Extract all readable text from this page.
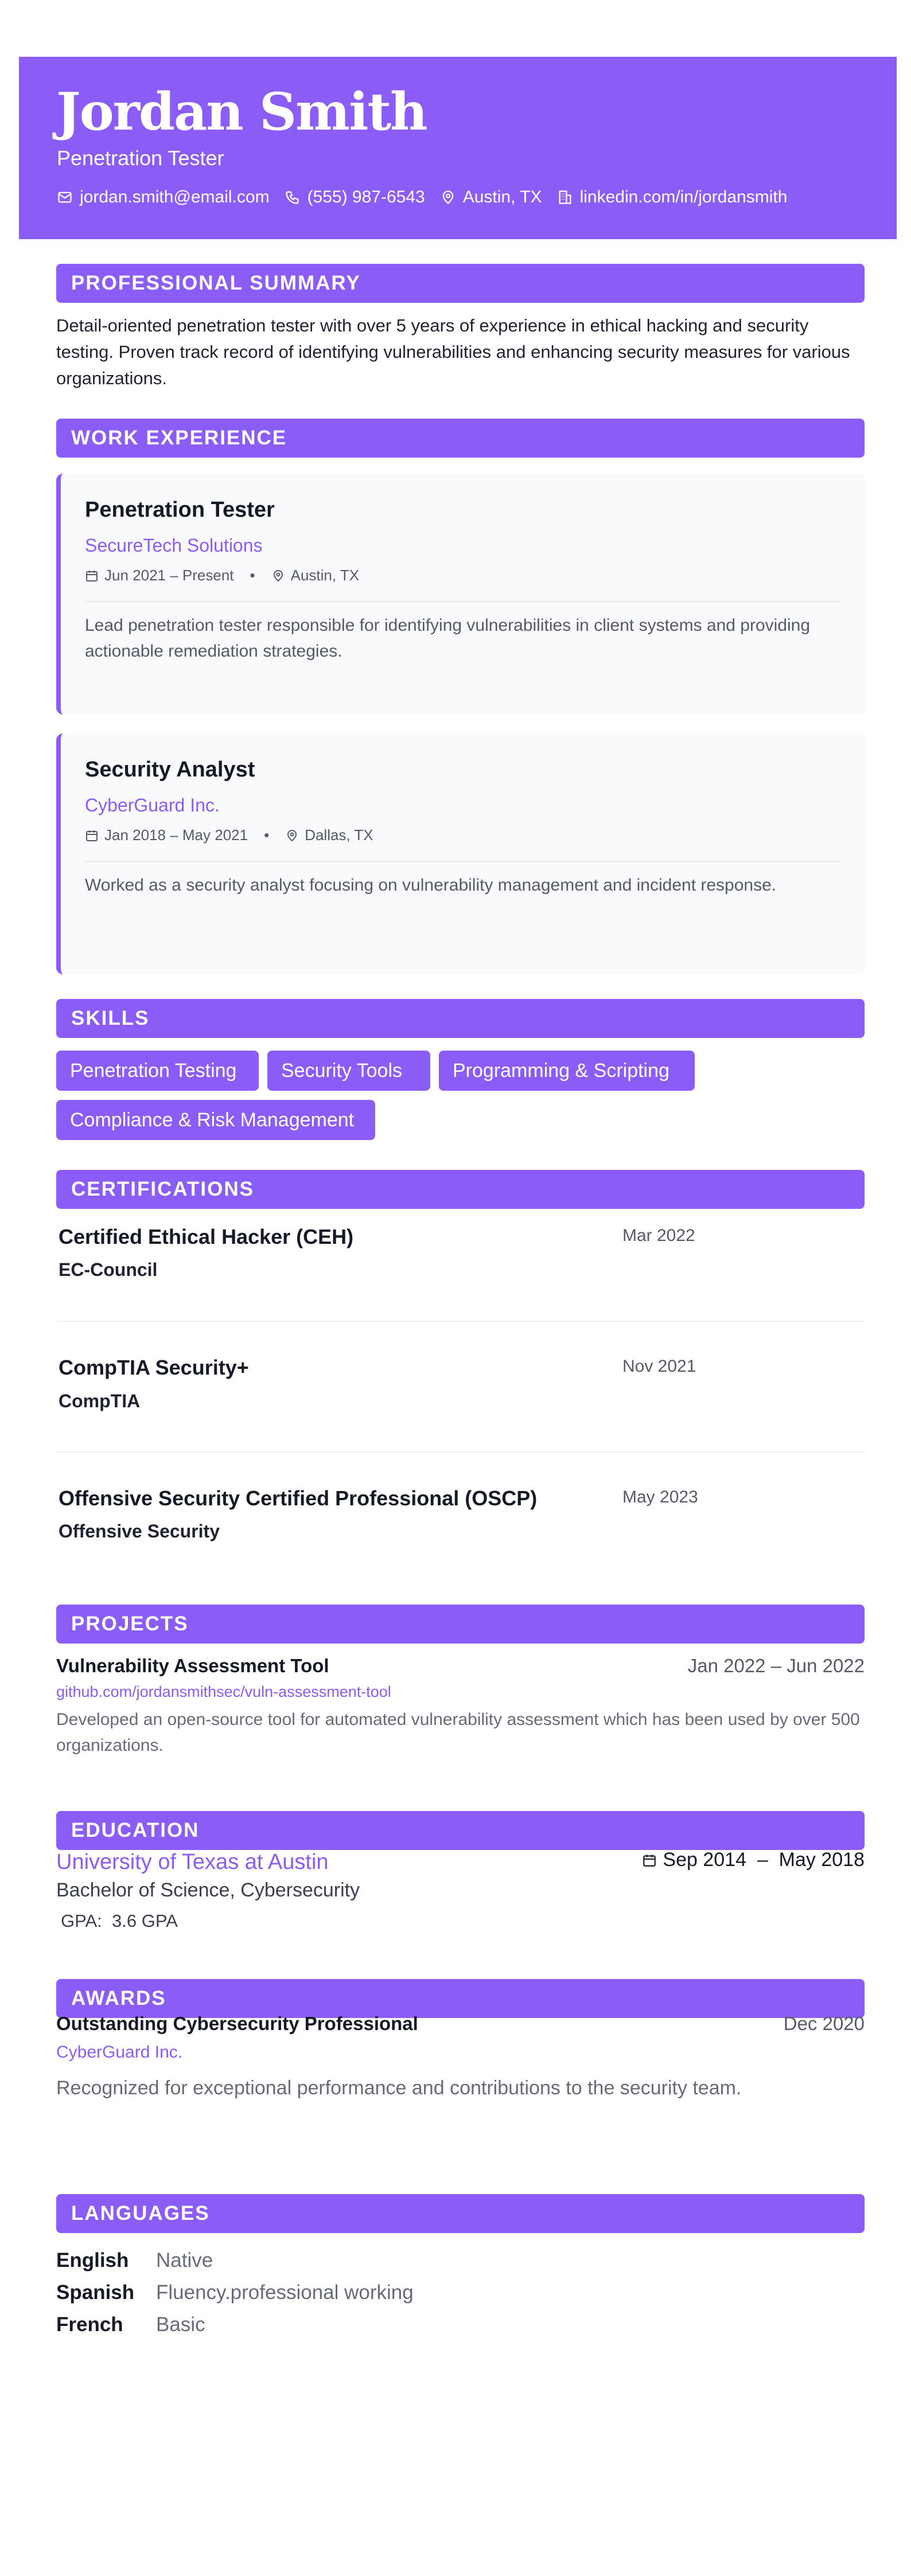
Jordan Smith
Penetration Tester
jordan.smith@email.com (555) 987-6543 Austin, TX linkedin.com/in/jordansmith
PROFESSIONAL SUMMARY
Detail-oriented penetration tester with over 5 years of experience in ethical hacking and security testing. Proven track record of identifying vulnerabilities and enhancing security measures for various organizations.
WORK EXPERIENCE
Penetration Tester
SecureTech Solutions
Jun 2021 – Present • Austin, TX
Lead penetration tester responsible for identifying vulnerabilities in client systems and providing actionable remediation strategies.
Security Analyst
CyberGuard Inc.
Jan 2018 – May 2021 • Dallas, TX
Worked as a security analyst focusing on vulnerability management and incident response.
SKILLS
Penetration Testing	Security Tools	Programming & Scripting
Compliance & Risk Management
CERTIFICATIONS
Certified Ethical Hacker (CEH)	Mar 2022
EC-Council
CompTIA Security+	Nov 2021
CompTIA
Offensive Security Certified Professional (OSCP)	May 2023
Offensive Security
PROJECTS
Vulnerability Assessment Tool	Jan 2022 – Jun 2022
github.com/jordansmithsec/vuln-assessment-tool
Developed an open-source tool for automated vulnerability assessment which has been used by over 500 organizations.
EDUCATION
University of Texas at Austin	Sep 2014  –  May 2018
Bachelor of Science, Cybersecurity
GPA:  3.6 GPA
AWARDS
Outstanding Cybersecurity Professional	Dec 2020
CyberGuard Inc.
Recognized for exceptional performance and contributions to the security team.
LANGUAGES
English Native
Spanish Fluency.professional working
French Basic
